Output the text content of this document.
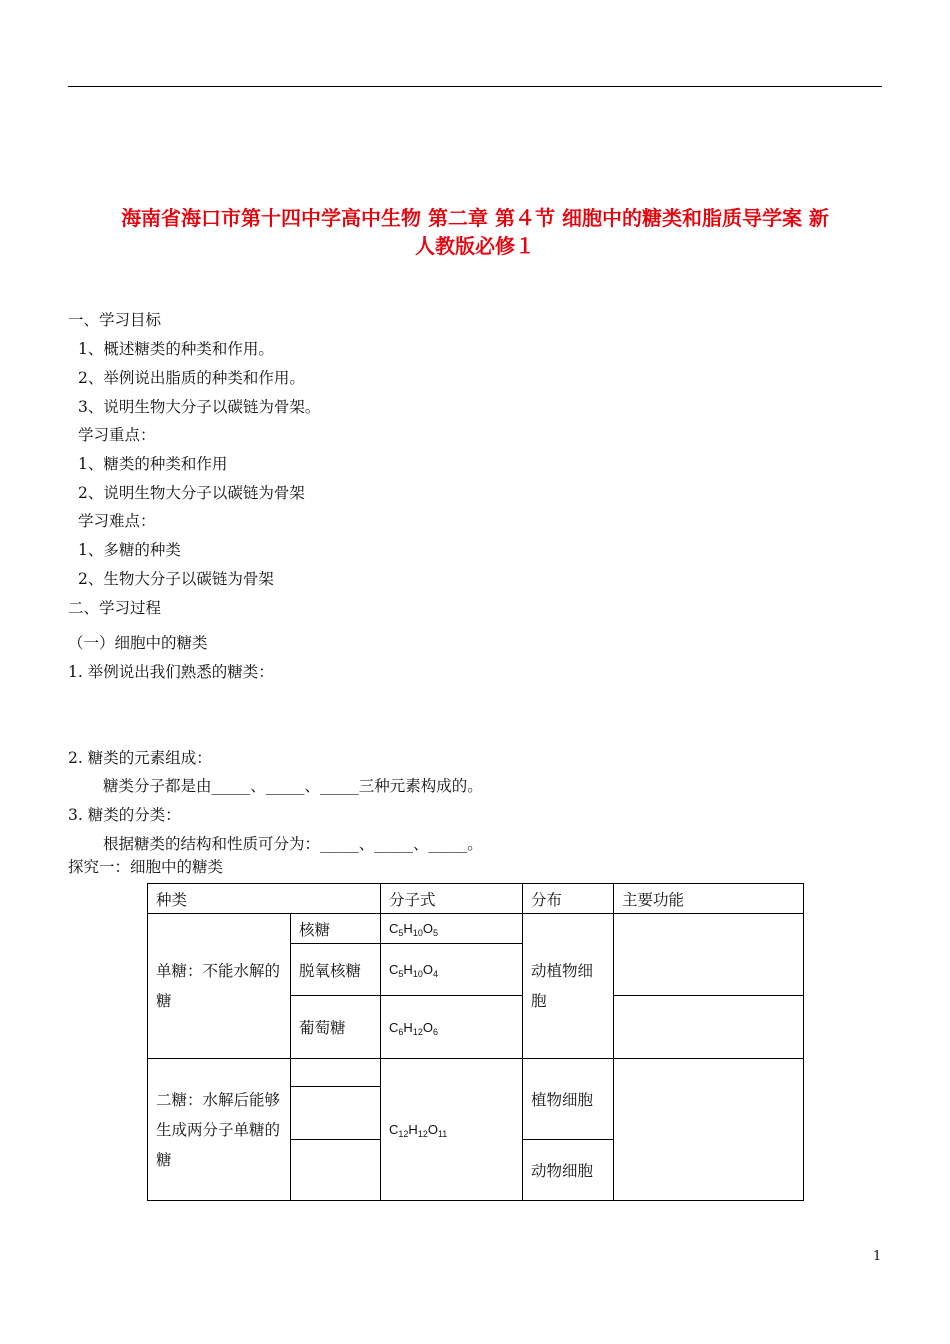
海南省海口市第十四中学高中生物 第二章 第４节 细胞中的糖类和脂质导学案 新
人教版必修１
一、学习目标
1、概述糖类的种类和作用。
2、举例说出脂质的种类和作用。
3、说明生物大分子以碳链为骨架。
学习重点：
1、糖类的种类和作用
2、说明生物大分子以碳链为骨架
学习难点：
1、多糖的种类
2、生物大分子以碳链为骨架
二、学习过程
（一）细胞中的糖类
1. 举例说出我们熟悉的糖类：
2. 糖类的元素组成：
糖类分子都是由_____、_____、_____三种元素构成的。
3. 糖类的分类：
根据糖类的结构和性质可分为：_____、_____、_____。
探究一：细胞中的糖类
种类		分子式	分布	主要功能
单糖：不能水解的糖	核糖	$C_5H_{10}O_5$	动植物细胞	
	脱氧核糖	$C_5H_{10}O_4$
	葡萄糖	$C_6H_{12}O_6$	
二糖：水解后能够生成两分子单糖的糖		$C_{12}H_{12}O_{11}$	植物细胞	

			动物细胞	
1
